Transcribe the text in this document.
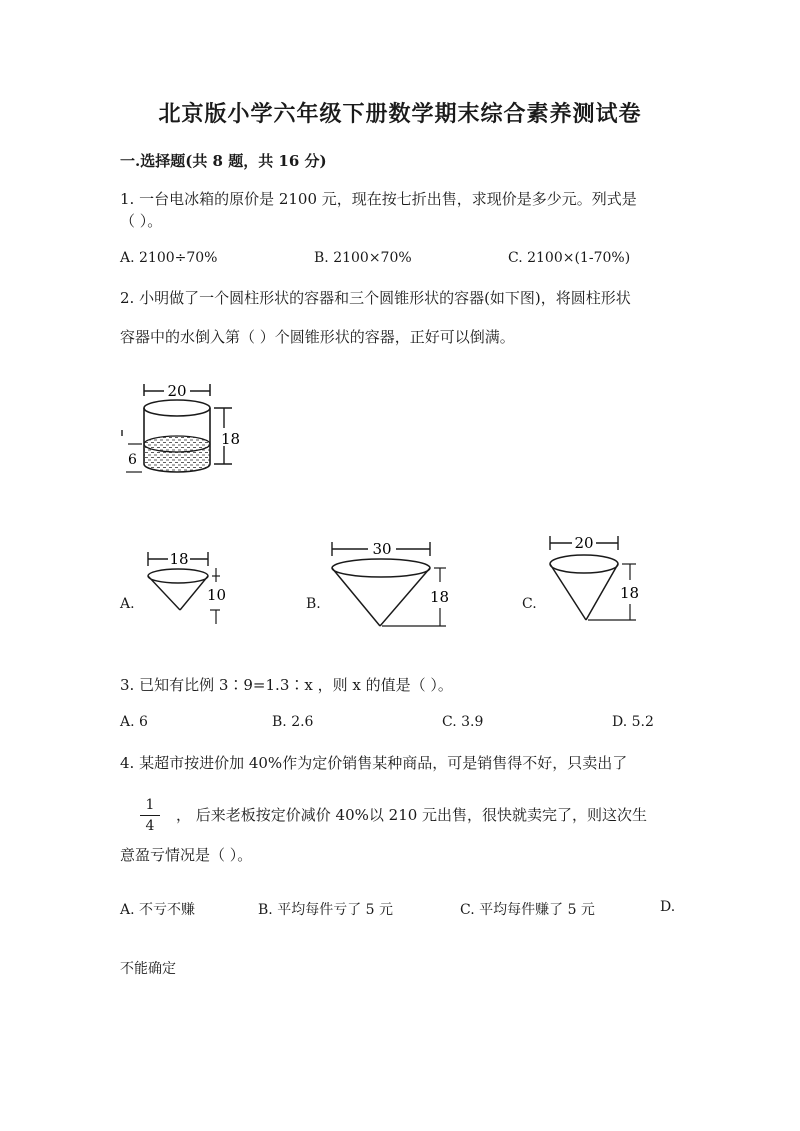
北京版小学六年级下册数学期末综合素养测试卷
一.选择题(共 8 题，共 16 分)
1. 一台电冰箱的原价是 2100 元，现在按七折出售，求现价是多少元。列式是
（ ）。
A. 2100÷70%	B. 2100×70%	C. 2100×(1-70%)
2. 小明做了一个圆柱形状的容器和三个圆锥形状的容器(如下图)，将圆柱形状
容器中的水倒入第（ ）个圆锥形状的容器，正好可以倒满。
20
18
6
A.
18
10	B.
30
18	C.
20
18
3. 已知有比例 3∶9=1.3∶x ，则 x 的值是（ ）。
A. 6	B. 2.6	C. 3.9	D. 5.2
4. 某超市按进价加 40%作为定价销售某种商品，可是销售得不好，只卖出了
1
4
， 后来老板按定价减价 40%以 210 元出售，很快就卖完了，则这次生
意盈亏情况是（ ）。
A. 不亏不赚	B. 平均每件亏了 5 元	C. 平均每件赚了 5 元	D.
不能确定
